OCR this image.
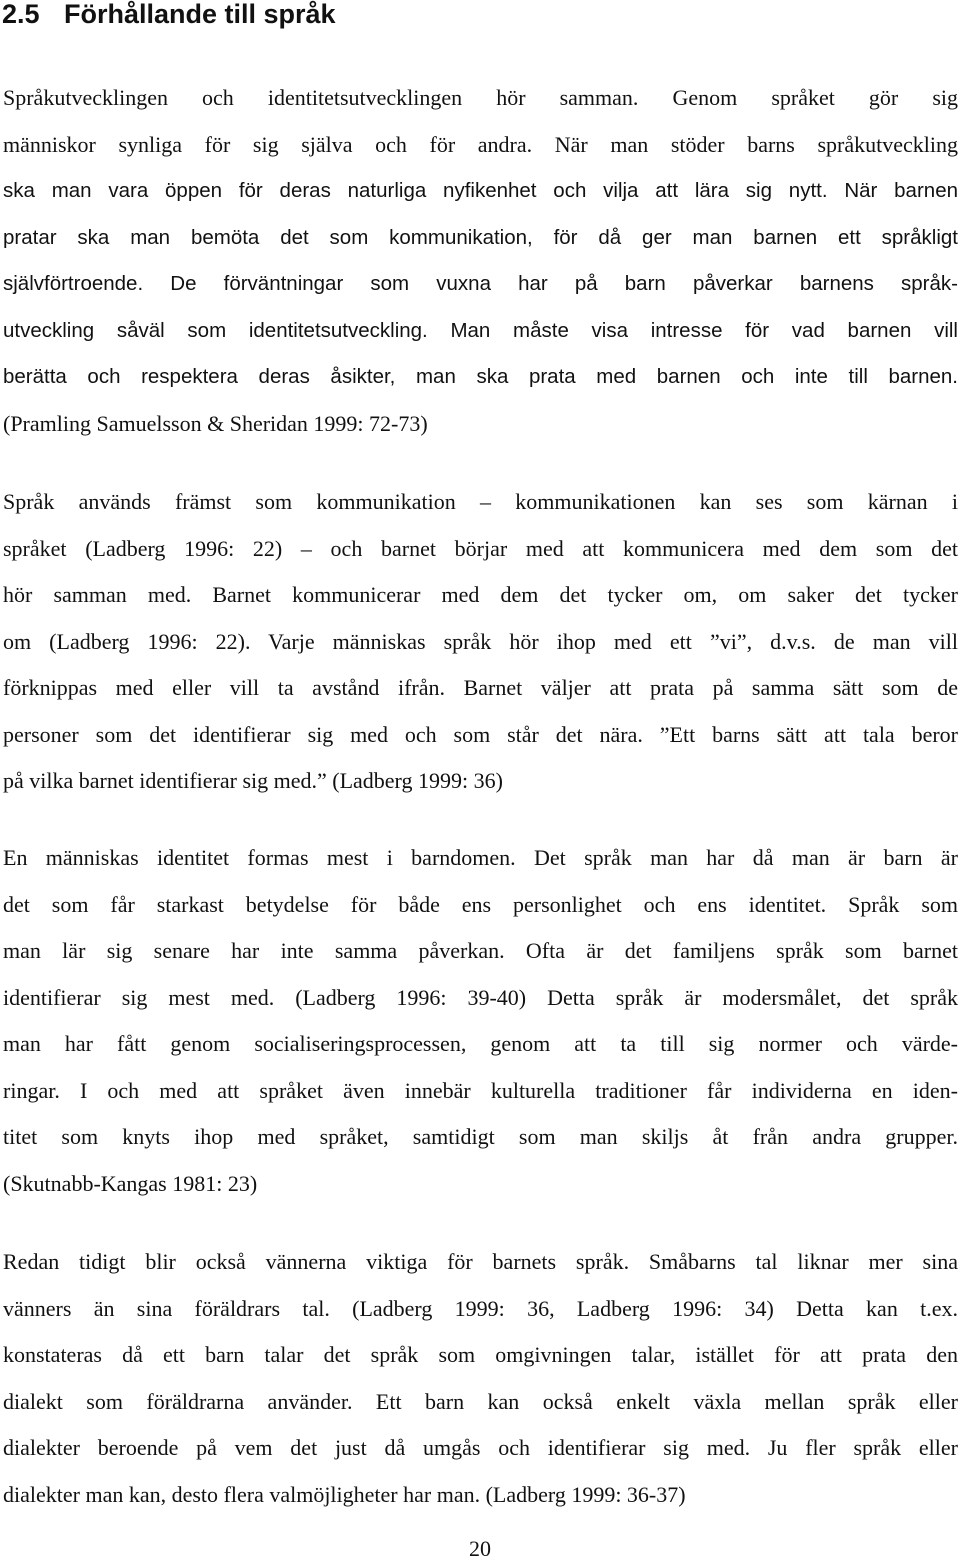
2.5 Förhållande till språk
Språkutvecklingen och identitetsutvecklingen hör samman. Genom språket gör sig
människor synliga för sig själva och för andra. När man stöder barns språkutveckling
ska man vara öppen för deras naturliga nyfikenhet och vilja att lära sig nytt. När barnen
pratar ska man bemöta det som kommunikation, för då ger man barnen ett språkligt
självförtroende. De förväntningar som vuxna har på barn påverkar barnens språk-
utveckling såväl som identitetsutveckling. Man måste visa intresse för vad barnen vill
berätta och respektera deras åsikter, man ska prata med barnen och inte till barnen.
(Pramling Samuelsson & Sheridan 1999: 72-73)
Språk används främst som kommunikation – kommunikationen kan ses som kärnan i
språket (Ladberg 1996: 22) – och barnet börjar med att kommunicera med dem som det
hör samman med. Barnet kommunicerar med dem det tycker om, om saker det tycker
om (Ladberg 1996: 22). Varje människas språk hör ihop med ett ”vi”, d.v.s. de man vill
förknippas med eller vill ta avstånd ifrån. Barnet väljer att prata på samma sätt som de
personer som det identifierar sig med och som står det nära. ”Ett barns sätt att tala beror
på vilka barnet identifierar sig med.” (Ladberg 1999: 36)
En människas identitet formas mest i barndomen. Det språk man har då man är barn är
det som får starkast betydelse för både ens personlighet och ens identitet. Språk som
man lär sig senare har inte samma påverkan. Ofta är det familjens språk som barnet
identifierar sig mest med. (Ladberg 1996: 39-40) Detta språk är modersmålet, det språk
man har fått genom socialiseringsprocessen, genom att ta till sig normer och värde-
ringar. I och med att språket även innebär kulturella traditioner får individerna en iden-
titet som knyts ihop med språket, samtidigt som man skiljs åt från andra grupper.
(Skutnabb-Kangas 1981: 23)
Redan tidigt blir också vännerna viktiga för barnets språk. Småbarns tal liknar mer sina
vänners än sina föräldrars tal. (Ladberg 1999: 36, Ladberg 1996: 34) Detta kan t.ex.
konstateras då ett barn talar det språk som omgivningen talar, istället för att prata den
dialekt som föräldrarna använder. Ett barn kan också enkelt växla mellan språk eller
dialekter beroende på vem det just då umgås och identifierar sig med. Ju fler språk eller
dialekter man kan, desto flera valmöjligheter har man. (Ladberg 1999: 36-37)
20
